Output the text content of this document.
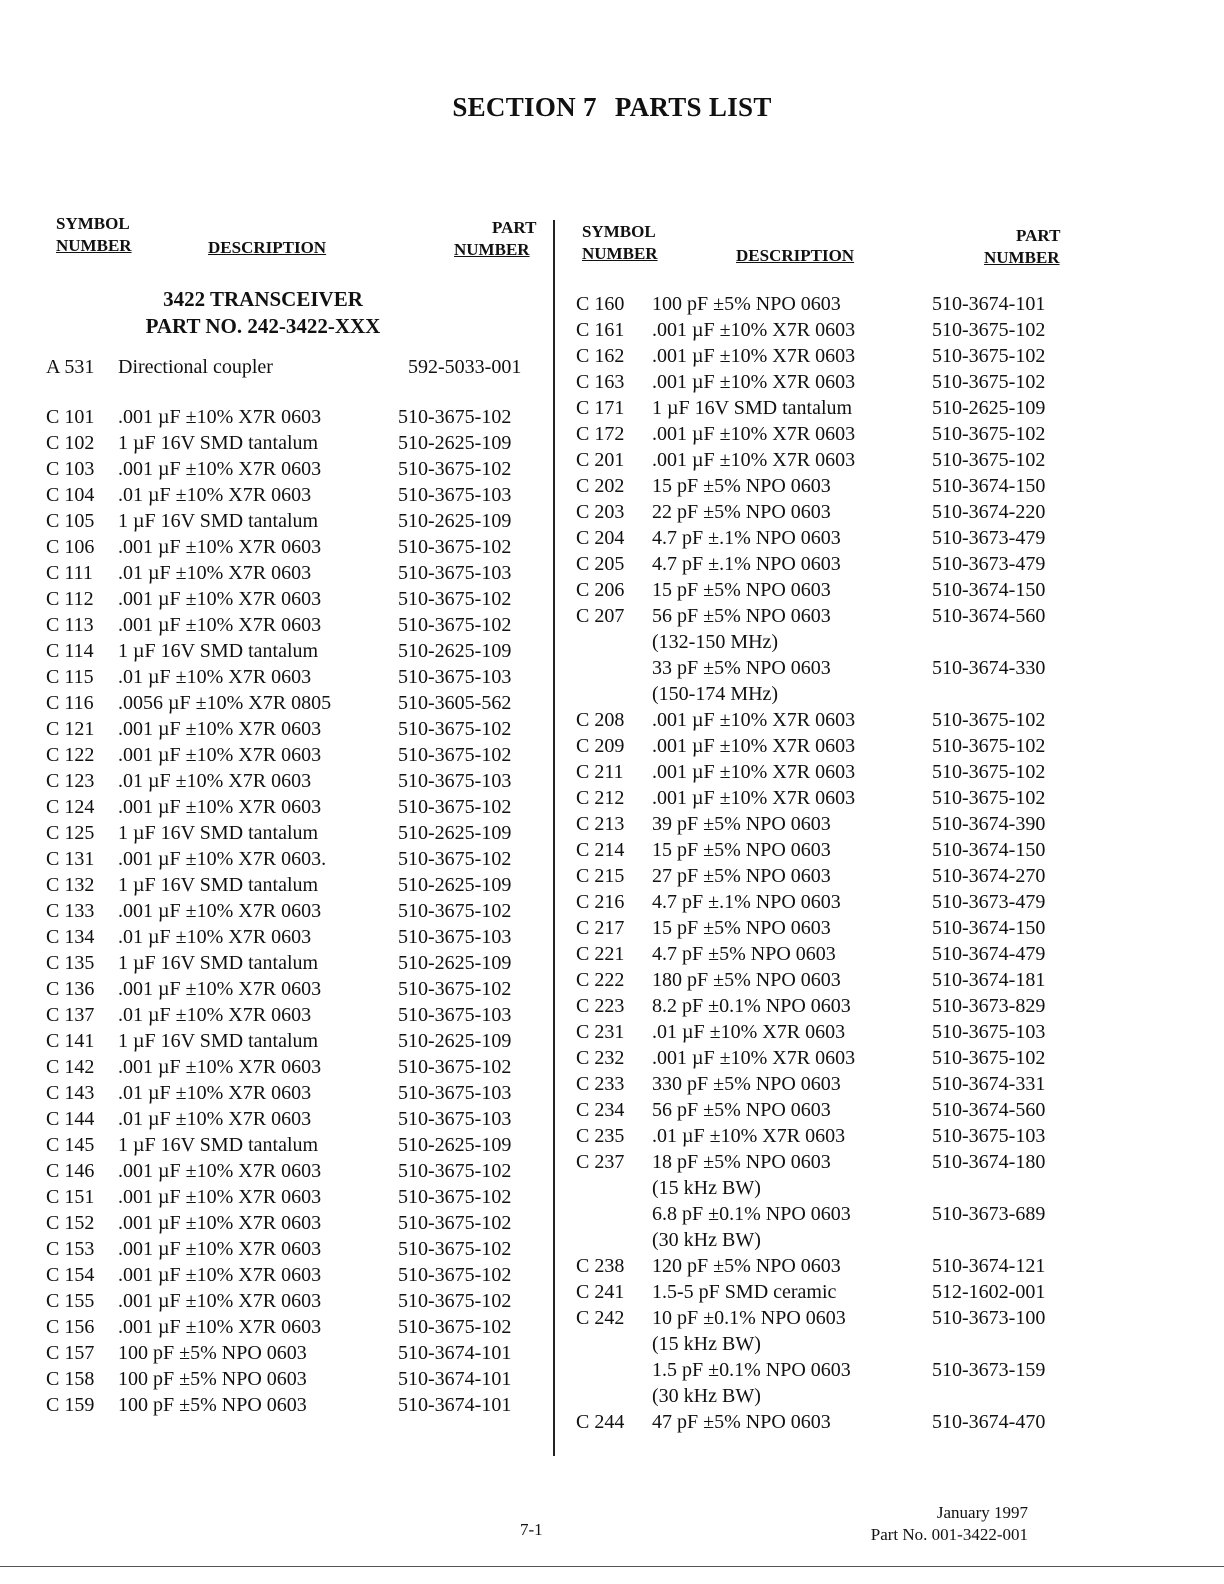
SECTION 7 PARTS LIST
SYMBOL
NUMBER	DESCRIPTION
PART
NUMBER
3422 TRANSCEIVER
PART NO. 242-3422-XXX
A 531 Directional coupler	592-5033-001
C 101 .001 µF ±10% X7R 0603	510-3675-102
C 102 1 µF 16V SMD tantalum	510-2625-109
C 103 .001 µF ±10% X7R 0603	510-3675-102
C 104 .01 µF ±10% X7R 0603	510-3675-103
C 105 1 µF 16V SMD tantalum	510-2625-109
C 106 .001 µF ±10% X7R 0603	510-3675-102
C 111 .01 µF ±10% X7R 0603	510-3675-103
C 112 .001 µF ±10% X7R 0603	510-3675-102
C 113 .001 µF ±10% X7R 0603	510-3675-102
C 114 1 µF 16V SMD tantalum	510-2625-109
C 115 .01 µF ±10% X7R 0603	510-3675-103
C 116 .0056 µF ±10% X7R 0805	510-3605-562
C 121 .001 µF ±10% X7R 0603	510-3675-102
C 122 .001 µF ±10% X7R 0603	510-3675-102
C 123 .01 µF ±10% X7R 0603	510-3675-103
C 124 .001 µF ±10% X7R 0603	510-3675-102
C 125 1 µF 16V SMD tantalum	510-2625-109
C 131 .001 µF ±10% X7R 0603.	510-3675-102
C 132 1 µF 16V SMD tantalum	510-2625-109
C 133 .001 µF ±10% X7R 0603	510-3675-102
C 134 .01 µF ±10% X7R 0603	510-3675-103
C 135 1 µF 16V SMD tantalum	510-2625-109
C 136 .001 µF ±10% X7R 0603	510-3675-102
C 137 .01 µF ±10% X7R 0603	510-3675-103
C 141 1 µF 16V SMD tantalum	510-2625-109
C 142 .001 µF ±10% X7R 0603	510-3675-102
C 143 .01 µF ±10% X7R 0603	510-3675-103
C 144 .01 µF ±10% X7R 0603	510-3675-103
C 145 1 µF 16V SMD tantalum	510-2625-109
C 146 .001 µF ±10% X7R 0603	510-3675-102
C 151 .001 µF ±10% X7R 0603	510-3675-102
C 152 .001 µF ±10% X7R 0603	510-3675-102
C 153 .001 µF ±10% X7R 0603	510-3675-102
C 154 .001 µF ±10% X7R 0603	510-3675-102
C 155 .001 µF ±10% X7R 0603	510-3675-102
C 156 .001 µF ±10% X7R 0603	510-3675-102
C 157 100 pF ±5% NPO 0603	510-3674-101
C 158 100 pF ±5% NPO 0603	510-3674-101
C 159 100 pF ±5% NPO 0603	510-3674-101
SYMBOL
NUMBER	DESCRIPTION
PART
NUMBER
C 160 100 pF ±5% NPO 0603	510-3674-101
C 161 .001 µF ±10% X7R 0603	510-3675-102
C 162 .001 µF ±10% X7R 0603	510-3675-102
C 163 .001 µF ±10% X7R 0603	510-3675-102
C 171 1 µF 16V SMD tantalum	510-2625-109
C 172 .001 µF ±10% X7R 0603	510-3675-102
C 201 .001 µF ±10% X7R 0603	510-3675-102
C 202 15 pF ±5% NPO 0603	510-3674-150
C 203 22 pF ±5% NPO 0603	510-3674-220
C 204 4.7 pF ±.1% NPO 0603	510-3673-479
C 205 4.7 pF ±.1% NPO 0603	510-3673-479
C 206 15 pF ±5% NPO 0603	510-3674-150
C 207 56 pF ±5% NPO 0603	510-3674-560
(132-150 MHz)
33 pF ±5% NPO 0603	510-3674-330
(150-174 MHz)
C 208 .001 µF ±10% X7R 0603	510-3675-102
C 209 .001 µF ±10% X7R 0603	510-3675-102
C 211 .001 µF ±10% X7R 0603	510-3675-102
C 212 .001 µF ±10% X7R 0603	510-3675-102
C 213 39 pF ±5% NPO 0603	510-3674-390
C 214 15 pF ±5% NPO 0603	510-3674-150
C 215 27 pF ±5% NPO 0603	510-3674-270
C 216 4.7 pF ±.1% NPO 0603	510-3673-479
C 217 15 pF ±5% NPO 0603	510-3674-150
C 221 4.7 pF ±5% NPO 0603	510-3674-479
C 222 180 pF ±5% NPO 0603	510-3674-181
C 223 8.2 pF ±0.1% NPO 0603	510-3673-829
C 231 .01 µF ±10% X7R 0603	510-3675-103
C 232 .001 µF ±10% X7R 0603	510-3675-102
C 233 330 pF ±5% NPO 0603	510-3674-331
C 234 56 pF ±5% NPO 0603	510-3674-560
C 235 .01 µF ±10% X7R 0603	510-3675-103
C 237 18 pF ±5% NPO 0603	510-3674-180
(15 kHz BW)
6.8 pF ±0.1% NPO 0603	510-3673-689
(30 kHz BW)
C 238 120 pF ±5% NPO 0603	510-3674-121
C 241 1.5-5 pF SMD ceramic	512-1602-001
C 242 10 pF ±0.1% NPO 0603	510-3673-100
(15 kHz BW)
1.5 pF ±0.1% NPO 0603	510-3673-159
(30 kHz BW)
C 244 47 pF ±5% NPO 0603	510-3674-470
7-1
January 1997
Part No. 001-3422-001
